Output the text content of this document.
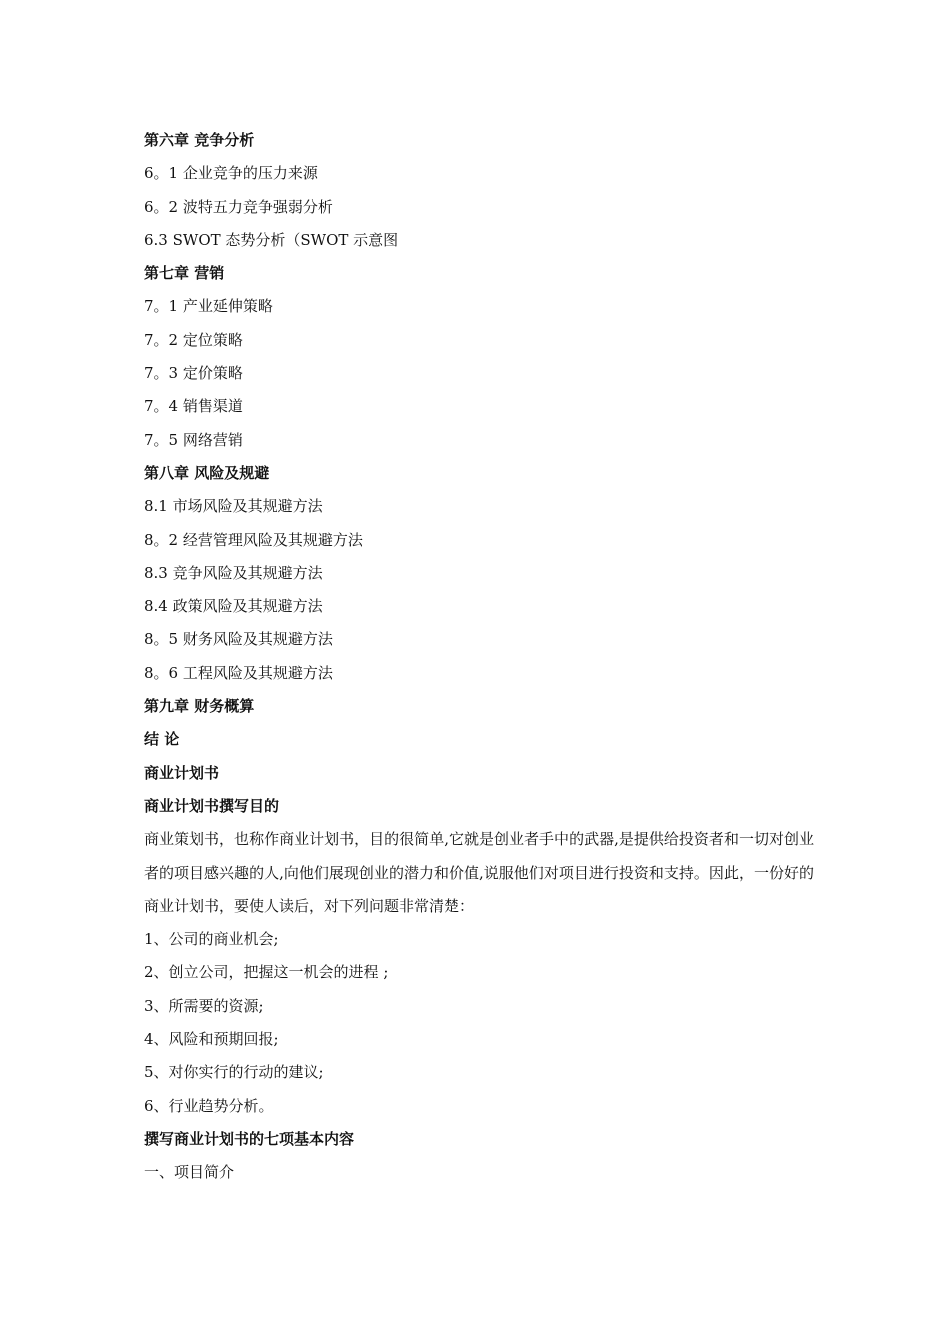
第六章 竞争分析
6。1 企业竞争的压力来源
6。2 波特五力竞争强弱分析
6.3 SWOT 态势分析（SWOT 示意图
第七章 营销
7。1 产业延伸策略
7。2 定位策略
7。3 定价策略
7。4 销售渠道
7。5 网络营销
第八章 风险及规避
8.1 市场风险及其规避方法
8。2 经营管理风险及其规避方法
8.3 竞争风险及其规避方法
8.4 政策风险及其规避方法
8。5 财务风险及其规避方法
8。6 工程风险及其规避方法
第九章 财务概算
结 论
商业计划书
商业计划书撰写目的
商业策划书，也称作商业计划书，目的很简单,它就是创业者手中的武器,是提供给投资者和一切对创业者的项目感兴趣的人,向他们展现创业的潜力和价值,说服他们对项目进行投资和支持。因此，一份好的商业计划书，要使人读后，对下列问题非常清楚：
1、公司的商业机会;
2、创立公司，把握这一机会的进程 ;
3、所需要的资源;
4、风险和预期回报;
5、对你实行的行动的建议;
6、行业趋势分析。
撰写商业计划书的七项基本内容
一、项目简介
